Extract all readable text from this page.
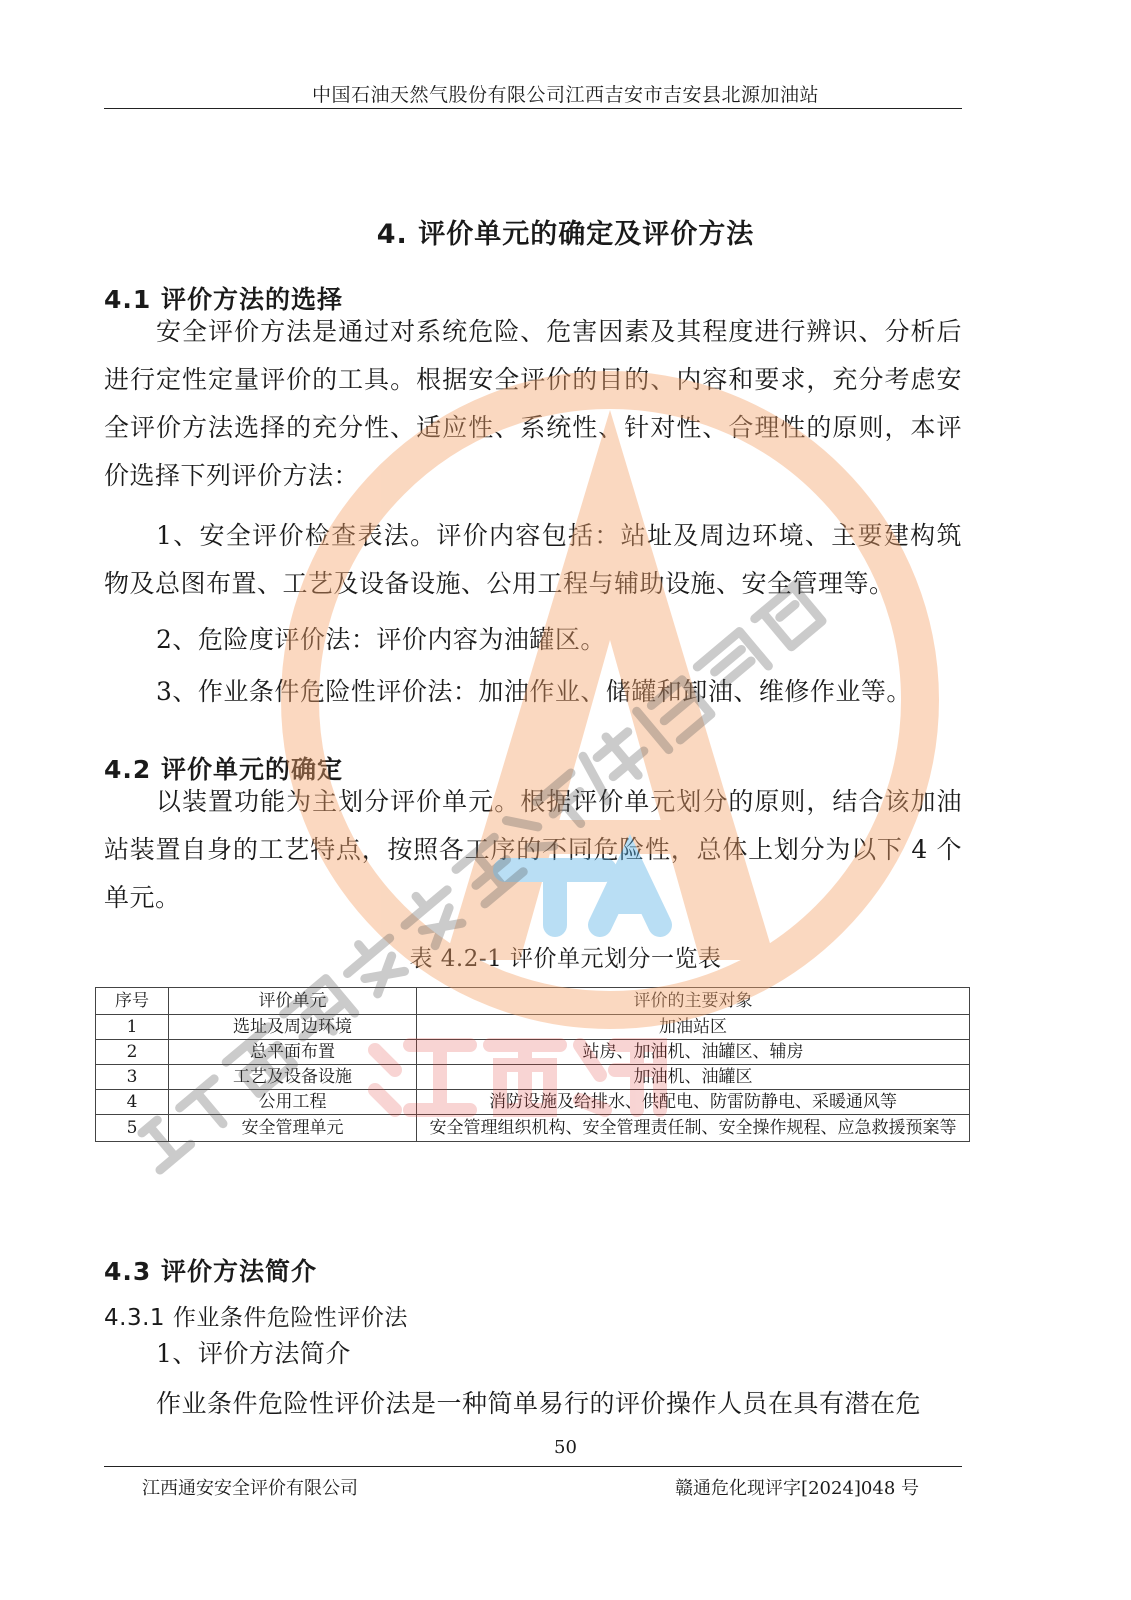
中国石油天然气股份有限公司江西吉安市吉安县北源加油站
4. 评价单元的确定及评价方法
4.1 评价方法的选择

安全评价方法是通过对系统危险、危害因素及其程度进行辨识、分析后进行定性定量评价的工具。根据安全评价的目的、内容和要求，充分考虑安全评价方法选择的充分性、适应性、系统性、针对性、合理性的原则，本评价选择下列评价方法：

1、安全评价检查表法。评价内容包括：站址及周边环境、主要建构筑物及总图布置、工艺及设备设施、公用工程与辅助设施、安全管理等。

2、危险度评价法：评价内容为油罐区。
3、作业条件危险性评价法：加油作业、储罐和卸油、维修作业等。
4.2 评价单元的确定

以装置功能为主划分评价单元。根据评价单元划分的原则，结合该加油站装置自身的工艺特点，按照各工序的不同危险性，总体上划分为以下 4 个单元。

表 4.2-1 评价单元划分一览表
序号	评价单元	评价的主要对象
1	选址及周边环境	加油站区
2	总平面布置	站房、加油机、油罐区、辅房
3	工艺及设备设施	加油机、油罐区
4	公用工程	消防设施及给排水、供配电、防雷防静电、采暖通风等
5	安全管理单元	安全管理组织机构、安全管理责任制、安全操作规程、应急救援预案等
4.3 评价方法简介
4.3.1 作业条件危险性评价法
1、评价方法简介
作业条件危险性评价法是一种简单易行的评价操作人员在具有潜在危
50
江西通安安全评价有限公司	赣通危化现评字[2024]048 号
